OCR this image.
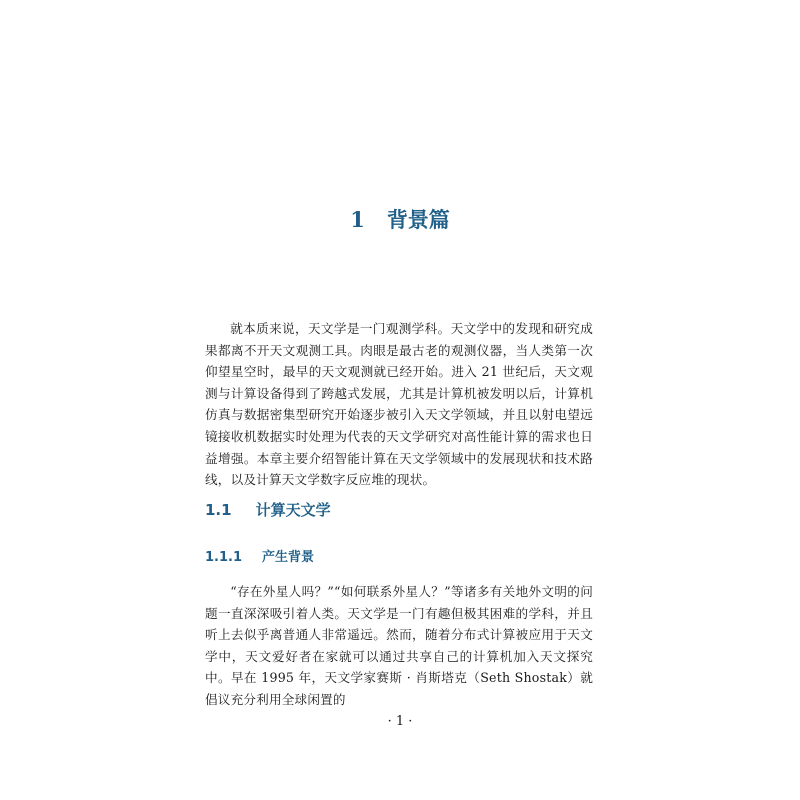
1 背景篇

就本质来说，天文学是一门观测学科。天文学中的发现和研究成果都离不开天文观测工具。肉眼是最古老的观测仪器，当人类第一次仰望星空时，最早的天文观测就已经开始。进入 21 世纪后，天文观测与计算设备得到了跨越式发展，尤其是计算机被发明以后，计算机仿真与数据密集型研究开始逐步被引入天文学领域，并且以射电望远镜接收机数据实时处理为代表的天文学研究对高性能计算的需求也日益增强。本章主要介绍智能计算在天文学领域中的发展现状和技术路线，以及计算天文学数字反应堆的现状。

1.1 计算天文学
1.1.1 产生背景

“存在外星人吗？”“如何联系外星人？”等诸多有关地外文明的问题一直深深吸引着人类。天文学是一门有趣但极其困难的学科，并且听上去似乎离普通人非常遥远。然而，随着分布式计算被应用于天文学中，天文爱好者在家就可以通过共享自己的计算机加入天文探究中。早在 1995 年，天文学家赛斯 · 肖斯塔克（Seth Shostak）就倡议充分利用全球闲置的

· 1 ·
